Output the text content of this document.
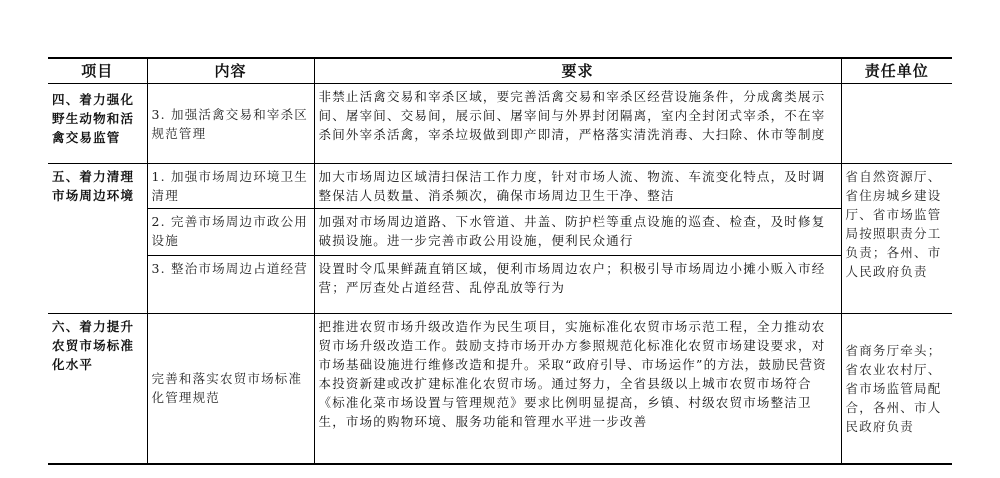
项目	内容	要求	责任单位
四、着力强化野生动物和活禽交易监管	3. 加强活禽交易和宰杀区规范管理	非禁止活禽交易和宰杀区域，要完善活禽交易和宰杀区经营设施条件，分成禽类展示间、屠宰间、交易间，展示间、屠宰间与外界封闭隔离，室内全封闭式宰杀，不在宰杀间外宰杀活禽，宰杀垃圾做到即产即清，严格落实清洗消毒、大扫除、休市等制度	
五、着力清理市场周边环境	1. 加强市场周边环境卫生清理	加大市场周边区域清扫保洁工作力度，针对市场人流、物流、车流变化特点，及时调整保洁人员数量、消杀频次，确保市场周边卫生干净、整洁	省自然资源厅、省住房城乡建设厅、省市场监管局按照职责分工负责；各州、市人民政府负责
	2. 完善市场周边市政公用设施	加强对市场周边道路、下水管道、井盖、防护栏等重点设施的巡查、检查，及时修复破损设施。进一步完善市政公用设施，便利民众通行	
	3. 整治市场周边占道经营	设置时令瓜果鲜蔬直销区域，便利市场周边农户；积极引导市场周边小摊小贩入市经营；严厉查处占道经营、乱停乱放等行为	
六、着力提升农贸市场标准化水平	完善和落实农贸市场标准化管理规范	把推进农贸市场升级改造作为民生项目，实施标准化农贸市场示范工程，全力推动农贸市场升级改造工作。鼓励支持市场开办方参照规范化标准化农贸市场建设要求，对市场基础设施进行维修改造和提升。采取“政府引导、市场运作”的方法，鼓励民营资本投资新建或改扩建标准化农贸市场。通过努力，全省县级以上城市农贸市场符合《标准化菜市场设置与管理规范》要求比例明显提高，乡镇、村级农贸市场整洁卫生，市场的购物环境、服务功能和管理水平进一步改善	省商务厅牵头；省农业农村厅、省市场监管局配合，各州、市人民政府负责
